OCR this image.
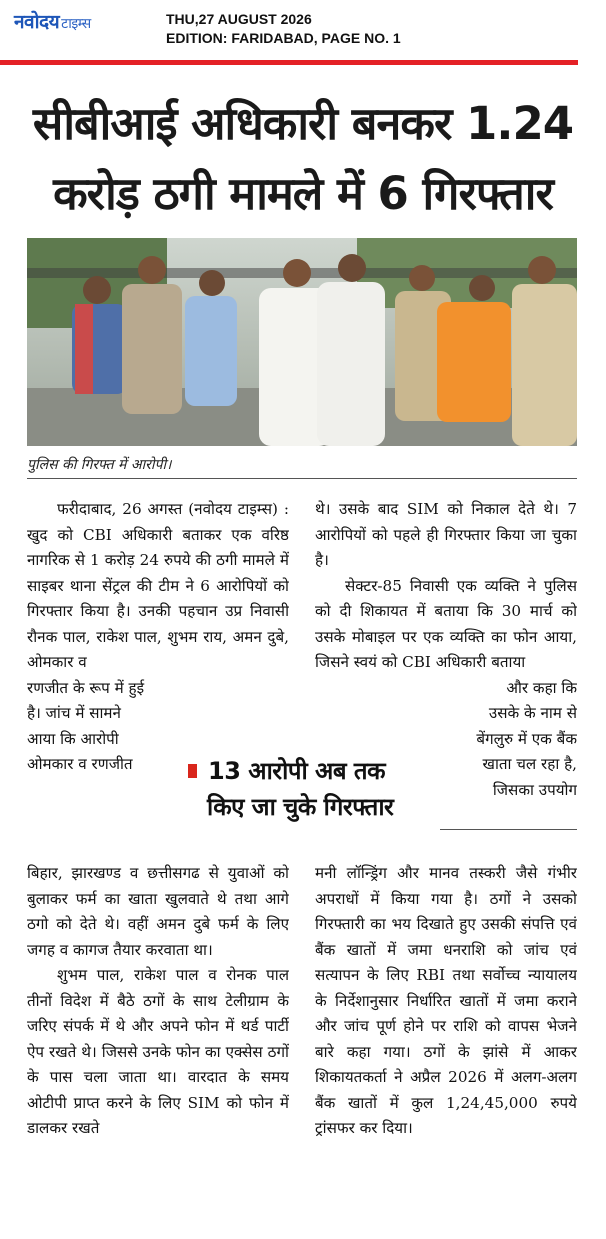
नवोदय टाइम्स	THU,27 AUGUST 2026
EDITION: FARIDABAD, PAGE NO. 1
सीबीआई अधिकारी बनकर 1.24
करोड़ ठगी मामले में 6 गिरफ्तार
पुलिस की गिरफ्त में आरोपी।

फरीदाबाद, 26 अगस्त (नवोदय टाइम्स) : खुद को CBI अधिकारी बताकर एक वरिष्ठ नागरिक से 1 करोड़ 24 रुपये की ठगी मामले में साइबर थाना सेंट्रल की टीम ने 6 आरोपियों को गिरफ्तार किया है। उनकी पहचान उप्र निवासी रौनक पाल, राकेश पाल, शुभम राय, अमन दुबे, ओमकार व

रणजीत के रूप में हुई

है। जांच में सामने

आया कि आरोपी

ओमकार व रणजीत

थे। उसके बाद SIM को निकाल देते थे। 7 आरोपियों को पहले ही गिरफ्तार किया जा चुका है।

सेक्टर-85 निवासी एक व्यक्ति ने पुलिस को दी शिकायत में बताया कि 30 मार्च को उसके मोबाइल पर एक व्यक्ति का फोन आया, जिसने स्वयं को CBI अधिकारी बताया

और कहा कि

उसके के नाम से

बेंगलुरु में एक बैंक

खाता चल रहा है,

जिसका उपयोग

13 आरोपी अब तक
किए जा चुके गिरफ्तार

बिहार, झारखण्ड व छत्तीसगढ से युवाओं को बुलाकर फर्म का खाता खुलवाते थे तथा आगे ठगो को देते थे। वहीं अमन दुबे फर्म के लिए जगह व कागज तैयार करवाता था।

शुभम पाल, राकेश पाल व रोनक पाल तीनों विदेश में बैठे ठगों के साथ टेलीग्राम के जरिए संपर्क में थे और अपने फोन में थर्ड पार्टी ऐप रखते थे। जिससे उनके फोन का एक्सेस ठगों के पास चला जाता था। वारदात के समय ओटीपी प्राप्त करने के लिए SIM को फोन में डालकर रखते

मनी लॉन्ड्रिंग और मानव तस्करी जैसे गंभीर अपराधों में किया गया है। ठगों ने उसको गिरफ्तारी का भय दिखाते हुए उसकी संपत्ति एवं बैंक खातों में जमा धनराशि को जांच एवं सत्यापन के लिए RBI तथा सर्वोच्च न्यायालय के निर्देशानुसार निर्धारित खातों में जमा कराने और जांच पूर्ण होने पर राशि को वापस भेजने बारे कहा गया। ठगों के झांसे में आकर शिकायतकर्ता ने अप्रैल 2026 में अलग-अलग बैंक खातों में कुल 1,24,45,000 रुपये ट्रांसफर कर दिया।
